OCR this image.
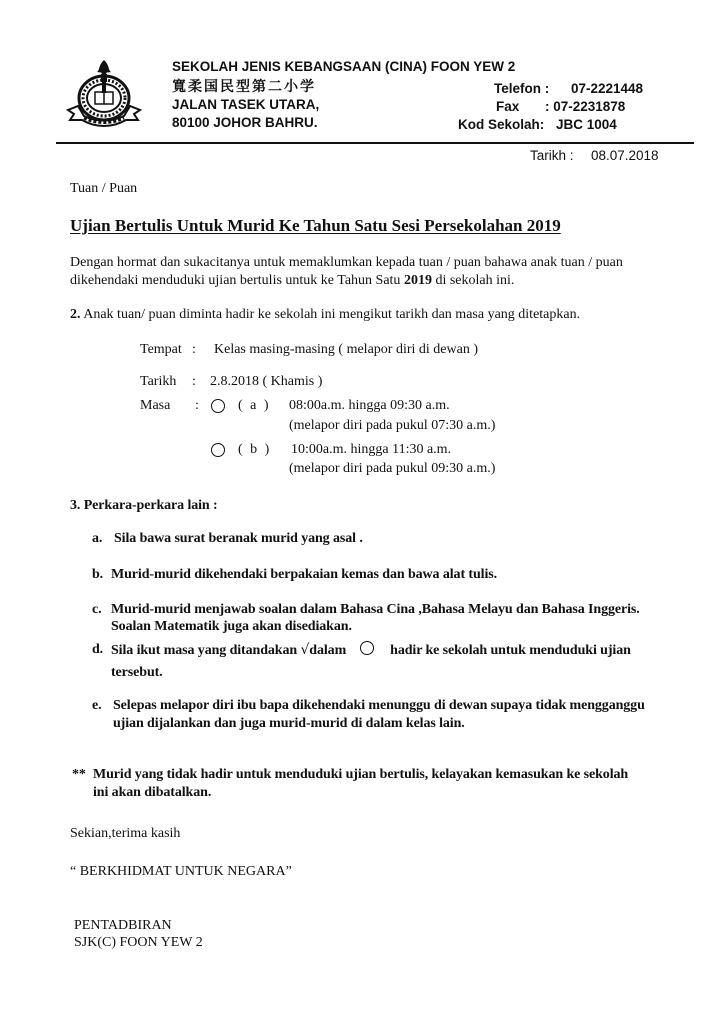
SEKOLAH JENIS KEBANGSAAN (CINA) FOON YEW 2
寬柔国民型第二小学
JALAN TASEK UTARA,
80100 JOHOR BAHRU.
Telefon : 07-2221448
Fax : 07-2231878
Kod Sekolah: JBC 1004
Tarikh : 08.07.2018
Tuan / Puan
Ujian Bertulis Untuk Murid Ke Tahun Satu Sesi Persekolahan 2019
Dengan hormat dan sukacitanya untuk memaklumkan kepada tuan / puan bahawa anak tuan / puan
dikehendaki menduduki ujian bertulis untuk ke Tahun Satu 2019 di sekolah ini.
2. Anak tuan/ puan diminta hadir ke sekolah ini mengikut tarikh dan masa yang ditetapkan.
Tempat : Kelas masing-masing ( melapor diri di dewan )
Tarikh : 2.8.2018 ( Khamis )
Masa :	( a ) 08:00a.m. hingga 09:30 a.m.
(melapor diri pada pukul 07:30 a.m.)
( b ) 10:00a.m. hingga 11:30 a.m.
(melapor diri pada pukul 09:30 a.m.)
3. Perkara-perkara lain :
a. Sila bawa surat beranak murid yang asal .
b. Murid-murid dikehendaki berpakaian kemas dan bawa alat tulis.
c. Murid-murid menjawab soalan dalam Bahasa Cina ,Bahasa Melayu dan Bahasa Inggeris.
Soalan Matematik juga akan disediakan.
d. Sila ikut masa yang ditandakan √dalam	hadir ke sekolah untuk menduduki ujian
tersebut.
e. Selepas melapor diri ibu bapa dikehendaki menunggu di dewan supaya tidak mengganggu
ujian dijalankan dan juga murid-murid di dalam kelas lain.
** Murid yang tidak hadir untuk menduduki ujian bertulis, kelayakan kemasukan ke sekolah
ini akan dibatalkan.
Sekian,terima kasih
“ BERKHIDMAT UNTUK NEGARA”
PENTADBIRAN
SJK(C) FOON YEW 2
